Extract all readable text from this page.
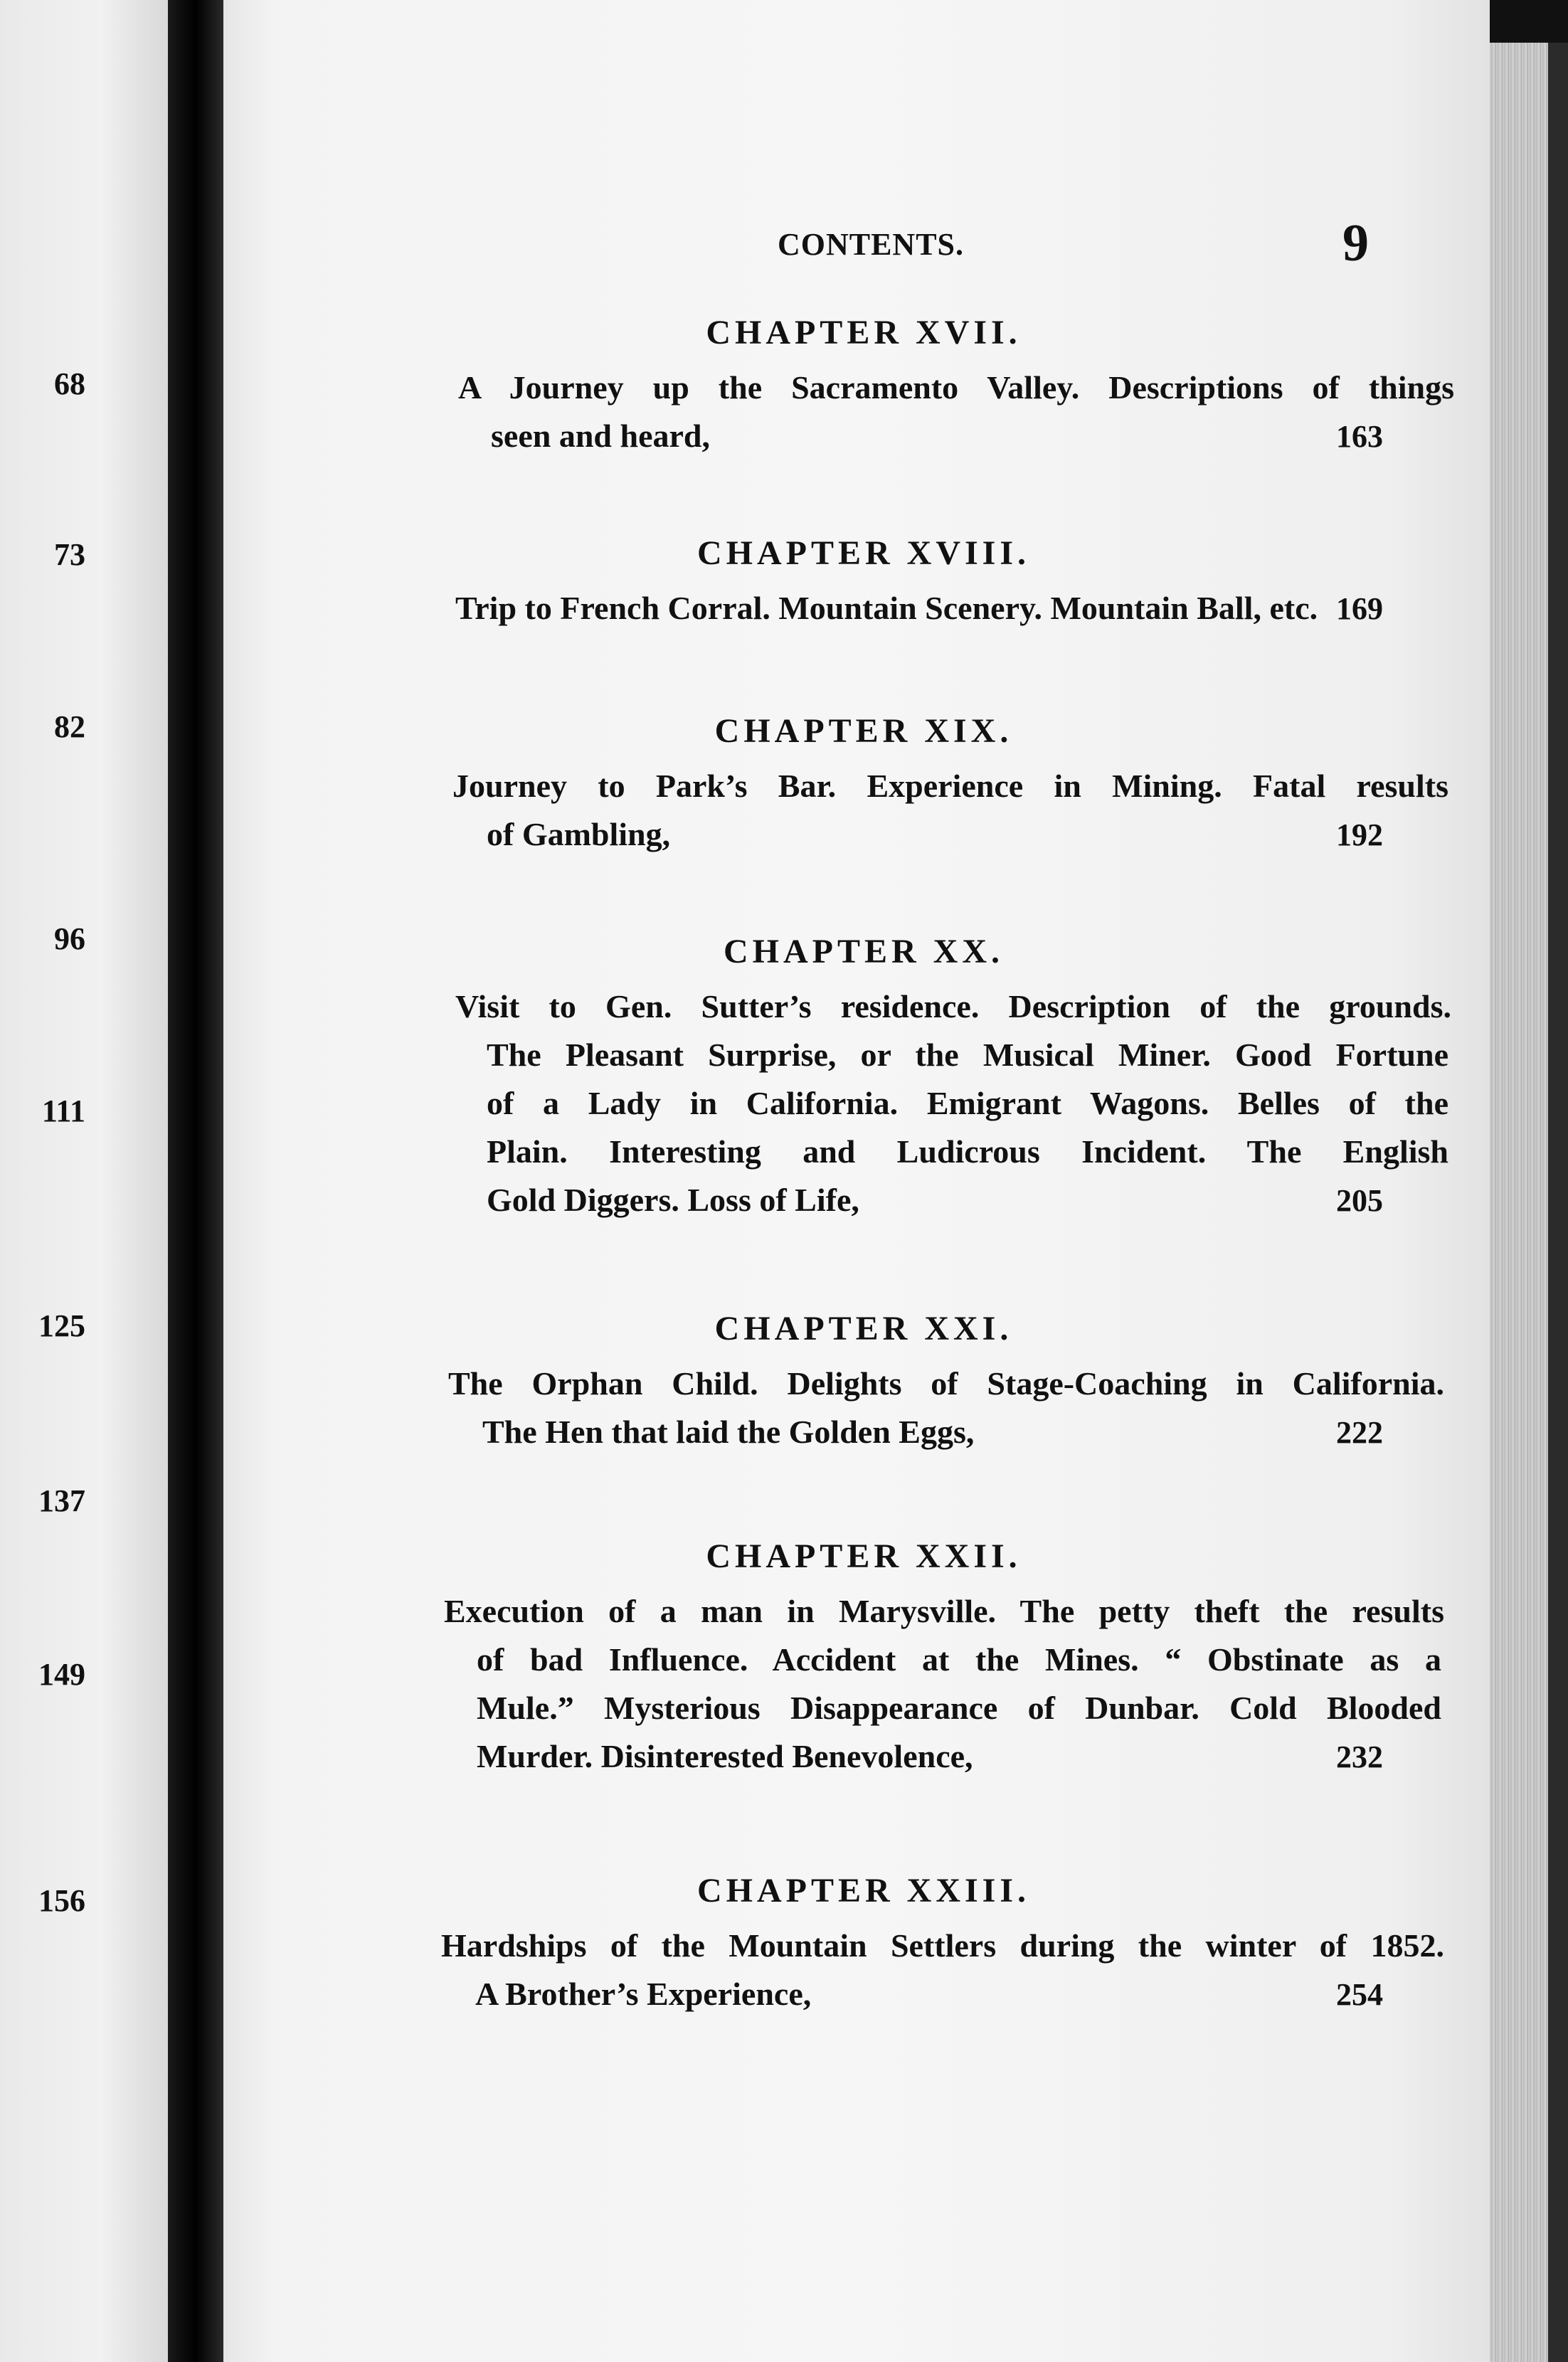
68
73
82
96
111
125
137
149
156
CONTENTS.	9
CHAPTER XVII.
A Journey up the Sacramento Valley. Descriptions of things
seen and heard,	163
CHAPTER XVIII.
Trip to French Corral. Mountain Scenery. Mountain Ball, etc. 169
CHAPTER XIX.
Journey to Park’s Bar. Experience in Mining. Fatal results
of Gambling,	192
CHAPTER XX.
Visit to Gen. Sutter’s residence. Description of the grounds.
The Pleasant Surprise, or the Musical Miner. Good Fortune
of a Lady in California. Emigrant Wagons. Belles of the
Plain. Interesting and Ludicrous Incident. The English
Gold Diggers. Loss of Life,	205
CHAPTER XXI.
The Orphan Child. Delights of Stage-Coaching in California.
The Hen that laid the Golden Eggs,	222
CHAPTER XXII.
Execution of a man in Marysville. The petty theft the results
of bad Influence. Accident at the Mines. “ Obstinate as a
Mule.” Mysterious Disappearance of Dunbar. Cold Blooded
Murder. Disinterested Benevolence,	232
CHAPTER XXIII.
Hardships of the Mountain Settlers during the winter of 1852.
A Brother’s Experience,	254
